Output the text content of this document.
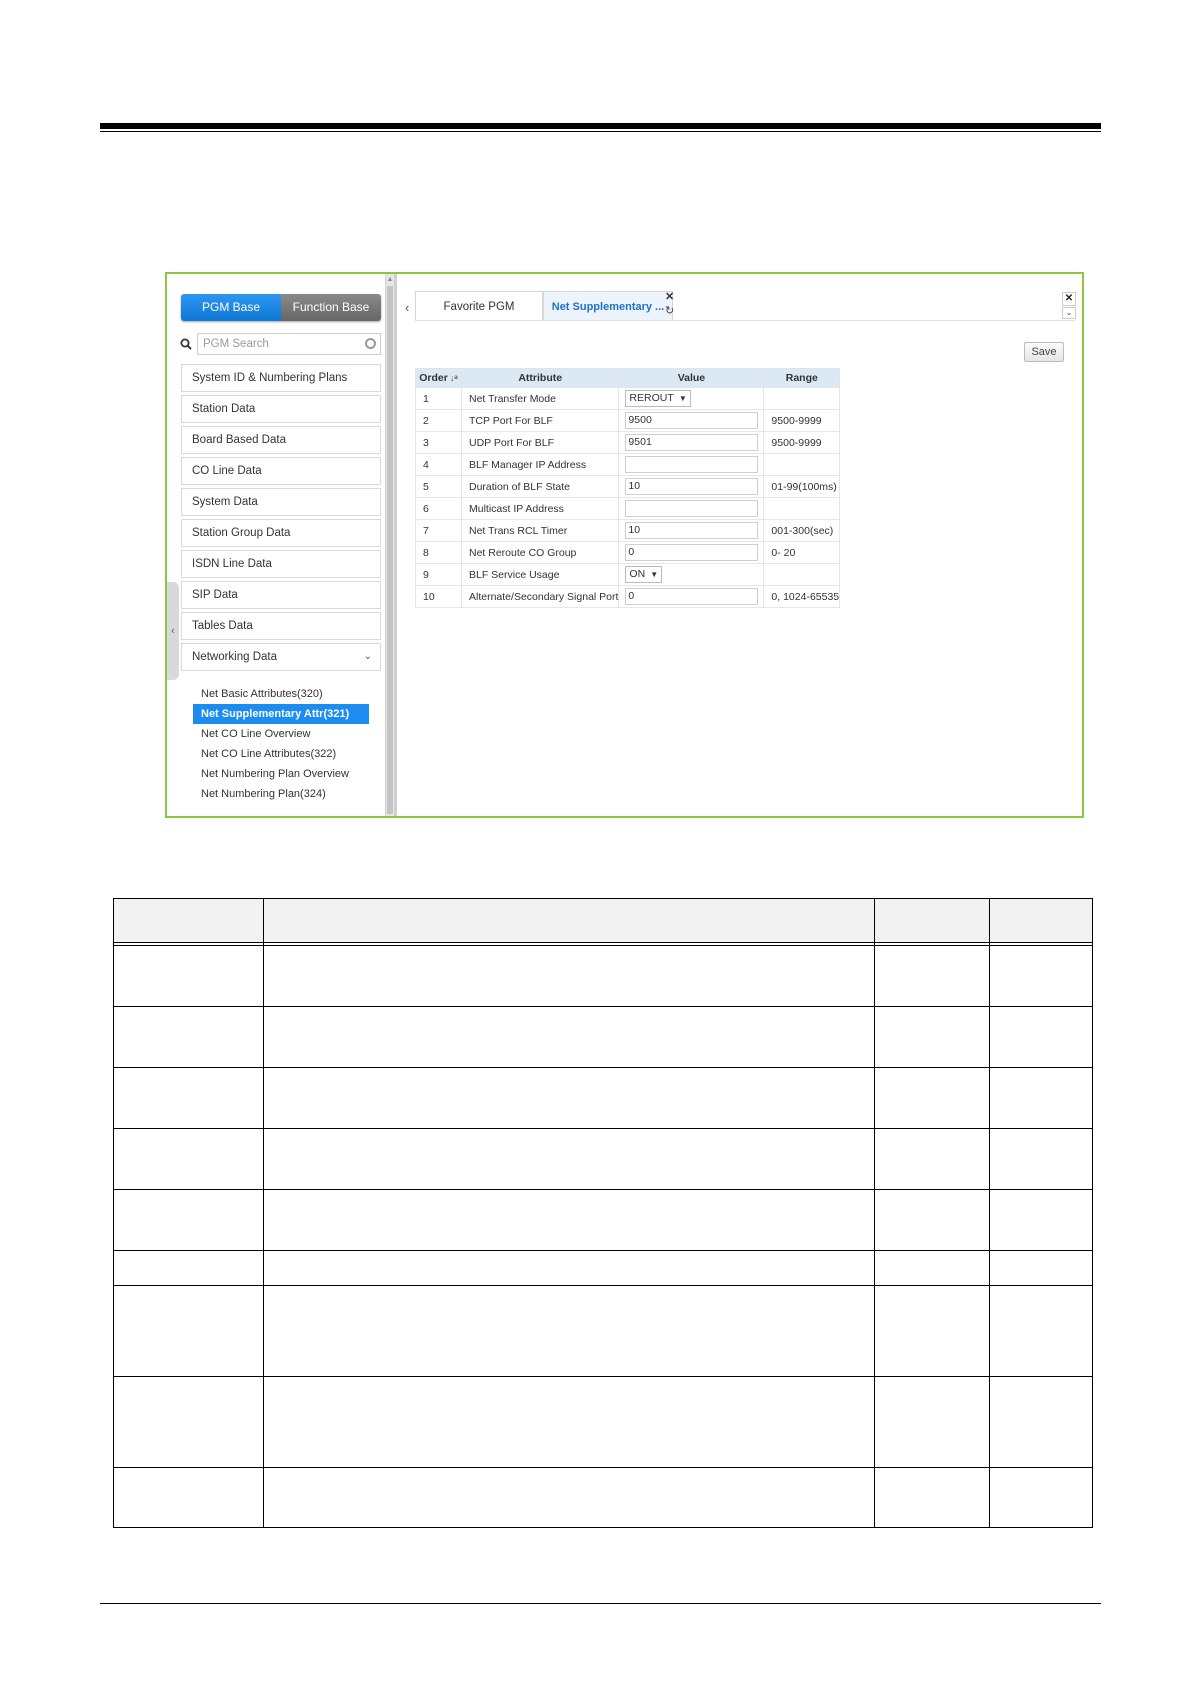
‹
PGM Base	Function Base
PGM Search
System ID & Numbering Plans
Station Data
Board Based Data
CO Line Data
System Data
Station Group Data
ISDN Line Data
SIP Data
Tables Data
Networking Data	⌄
Net Basic Attributes(320)
Net Supplementary Attr(321)
Net CO Line Overview
Net CO Line Attributes(322)
Net Numbering Plan Overview
Net Numbering Plan(324)
▲
‹	Favorite PGM	Net Supplementary ...
✕
↻
✕
⌄
Save
Order ↓ᵃ	Attribute	Value	Range
1	Net Transfer Mode	REROUT ▼	

2	TCP Port For BLF	9500	9500-9999
3	UDP Port For BLF	9501	9500-9999
4	BLF Manager IP Address	

5	Duration of BLF State	10	01-99(100ms)
6	Multicast IP Address	

7	Net Trans RCL Timer	10	001-300(sec)
8	Net Reroute CO Group	0	0- 20
9	BLF Service Usage	ON ▼	

10	Alternate/Secondary Signal Port	0	0, 1024-65535
